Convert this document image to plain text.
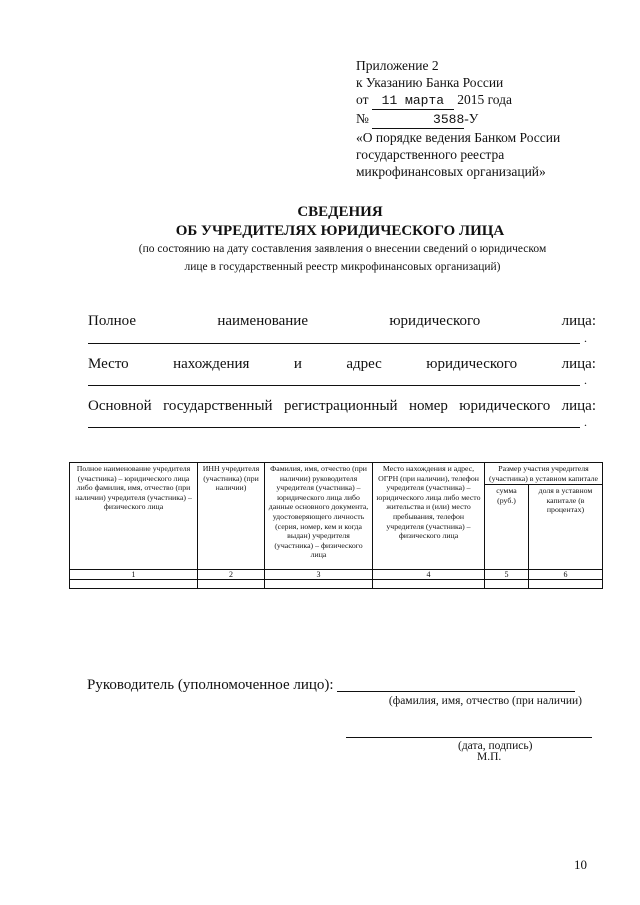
Приложение 2
к Указанию Банка России
от 11 марта 2015 года
№	3588-У
«О порядке ведения Банком России
государственного реестра
микрофинансовых организаций»
СВЕДЕНИЯ
ОБ УЧРЕДИТЕЛЯХ ЮРИДИЧЕСКОГО ЛИЦА
(по состоянию на дату составления заявления о внесении сведений о юридическом
лице в государственный реестр микрофинансовых организаций)
Полное	наименование	юридического	лица:
.
Место	нахождения	и	адрес	юридического	лица:
.
Основной государственный регистрационный номер юридического лица:
.
Полное наименование учредителя (участника) – юридического лица либо фамилия, имя, отчество (при наличии) учредителя (участника) – физического лица	ИНН учредителя (участника) (при наличии)	Фамилия, имя, отчество (при наличии) руководителя учредителя (участника) – юридического лица либо данные основного документа, удостоверяющего личность (серия, номер, кем и когда выдан) учредителя (участника) – физического лица	Место нахождения и адрес, ОГРН (при наличии), телефон учредителя (участника) – юридического лица либо место жительства и (или) место пребывания, телефон учредителя (участника) – физического лица	Размер участия учредителя (участника) в уставном капитале	
				сумма (руб.)	доля в уставном капитале (в процентах)
1	2	3	4	5	6

Руководитель (уполномоченное лицо):
(фамилия, имя, отчество (при наличии)
(дата, подпись)
М.П.
10
